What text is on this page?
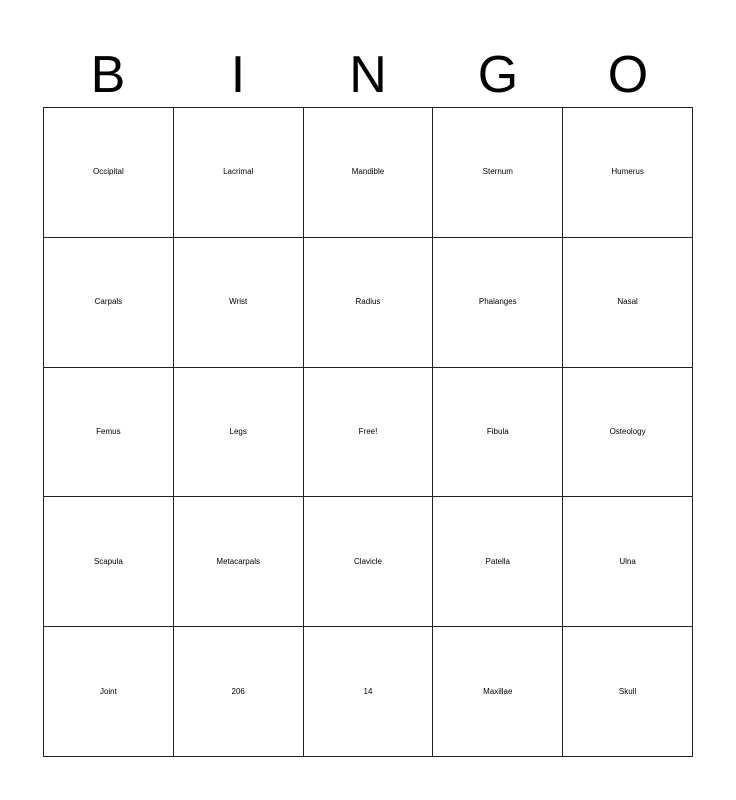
B	I	N	G	O
Occipital	Lacrimal	Mandible	Sternum	Humerus
Carpals	Wrist	Radius	Phalanges	Nasal
Femus	Legs	Free!	Fibula	Osteology
Scapula	Metacarpals	Clavicle	Patella	Ulna
Joint	206	14	Maxillae	Skull
